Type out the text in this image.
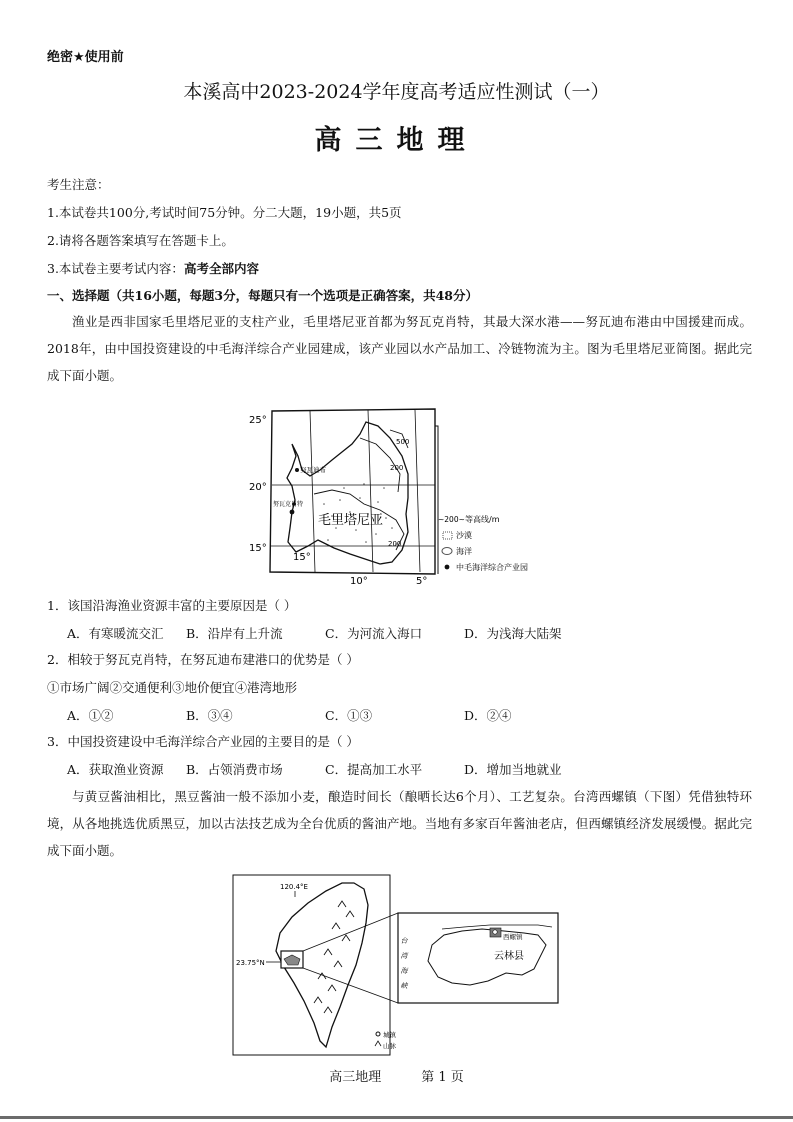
绝密★使用前
本溪高中2023-2024学年度高考适应性测试（一）
高三地理
考生注意：
1.本试卷共100分,考试时间75分钟。分二大题，19小题，共5页
2.请将各题答案填写在答题卡上。
3.本试卷主要考试内容：高考全部内容
一、选择题（共16小题，每题3分，每题只有一个选项是正确答案，共48分）
渔业是西非国家毛里塔尼亚的支柱产业，毛里塔尼亚首都为努瓦克肖特，其最大深水港——努瓦迪布港由中国援建而成。2018年，由中国投资建设的中毛海洋综合产业园建成，该产业园以水产品加工、冷链物流为主。图为毛里塔尼亚简图。据此完成下面小题。
25°
20°
15°
500
200
200
努瓦迪布
努瓦克肖特
毛里塔尼亚
15°
10°	5°
~200~ 等高线/m
沙漠
海洋
中毛海洋综合产业园
1．该国沿海渔业资源丰富的主要原因是（ ）
A．有寒暖流交汇 B．沿岸有上升流	C．为河流入海口	D．为浅海大陆架
2．相较于努瓦克肖特，在努瓦迪布建港口的优势是（ ）
①市场广阔②交通便利③地价便宜④港湾地形
A．①②	B．③④	C．①③	D．②④
3．中国投资建设中毛海洋综合产业园的主要目的是（ ）
A．获取渔业资源 B．占领消费市场	C．提高加工水平	D．增加当地就业
与黄豆酱油相比，黑豆酱油一般不添加小麦，酿造时间长（酿晒长达6个月）、工艺复杂。台湾西螺镇（下图）凭借独特环境，从各地挑选优质黑豆，加以古法技艺成为全台优质的酱油产地。当地有多家百年酱油老店，但西螺镇经济发展缓慢。据此完成下面小题。
120.4°E
23.75°N
城镇
山脉
西螺镇
云林县
台湾海峡
高三地理	第 1 页
